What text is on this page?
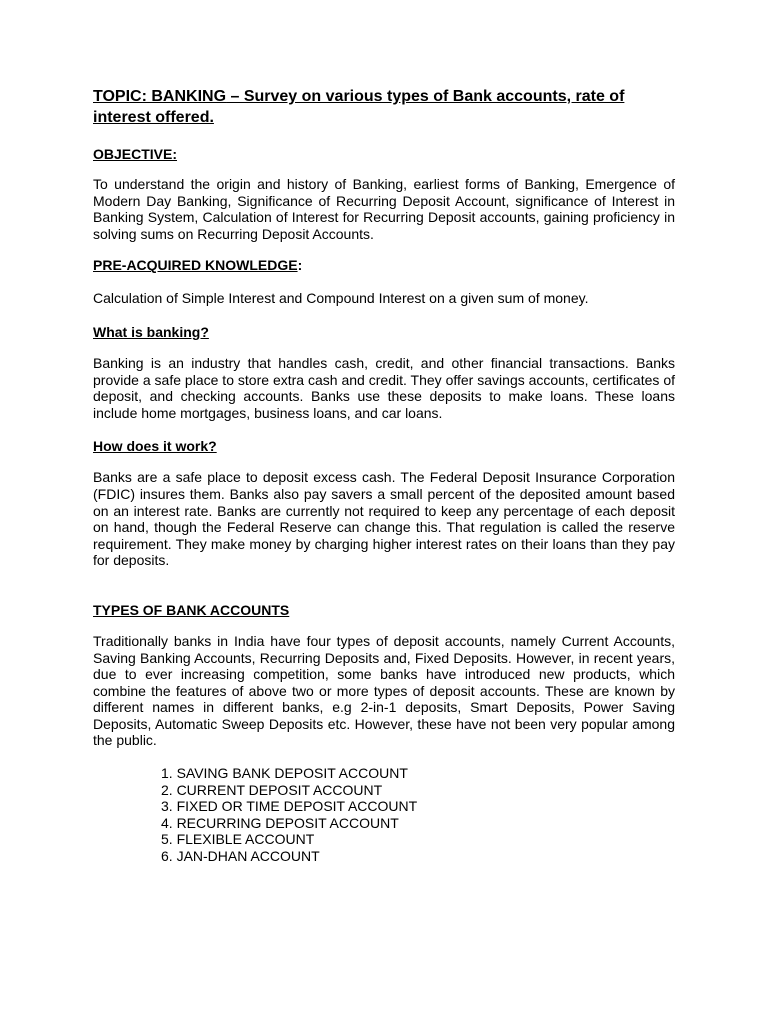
TOPIC: BANKING – Survey on various types of Bank accounts, rate of interest offered.
OBJECTIVE:

To understand the origin and history of Banking, earliest forms of Banking, Emergence of Modern Day Banking, Significance of Recurring Deposit Account, significance of Interest in Banking System, Calculation of Interest for Recurring Deposit accounts, gaining proficiency in solving sums on Recurring Deposit Accounts.

PRE-ACQUIRED KNOWLEDGE:

Calculation of Simple Interest and Compound Interest on a given sum of money.

What is banking?

Banking is an industry that handles cash, credit, and other financial transactions. Banks provide a safe place to store extra cash and credit. They offer savings accounts, certificates of deposit, and checking accounts. Banks use these deposits to make loans. These loans include home mortgages, business loans, and car loans.

How does it work?

Banks are a safe place to deposit excess cash. The Federal Deposit Insurance Corporation (FDIC) insures them. Banks also pay savers a small percent of the deposited amount based on an interest rate. Banks are currently not required to keep any percentage of each deposit on hand, though the Federal Reserve can change this. That regulation is called the reserve requirement. They make money by charging higher interest rates on their loans than they pay for deposits.

TYPES OF BANK ACCOUNTS

Traditionally banks in India have four types of deposit accounts, namely Current Accounts, Saving Banking Accounts, Recurring Deposits and, Fixed Deposits. However, in recent years, due to ever increasing competition, some banks have introduced new products, which combine the features of above two or more types of deposit accounts. These are known by different names in different banks, e.g 2-in-1 deposits, Smart Deposits, Power Saving Deposits, Automatic Sweep Deposits etc. However, these have not been very popular among the public.

1. SAVING BANK DEPOSIT ACCOUNT
2. CURRENT DEPOSIT ACCOUNT
3. FIXED OR TIME DEPOSIT ACCOUNT
4. RECURRING DEPOSIT ACCOUNT
5. FLEXIBLE ACCOUNT
6. JAN-DHAN ACCOUNT
